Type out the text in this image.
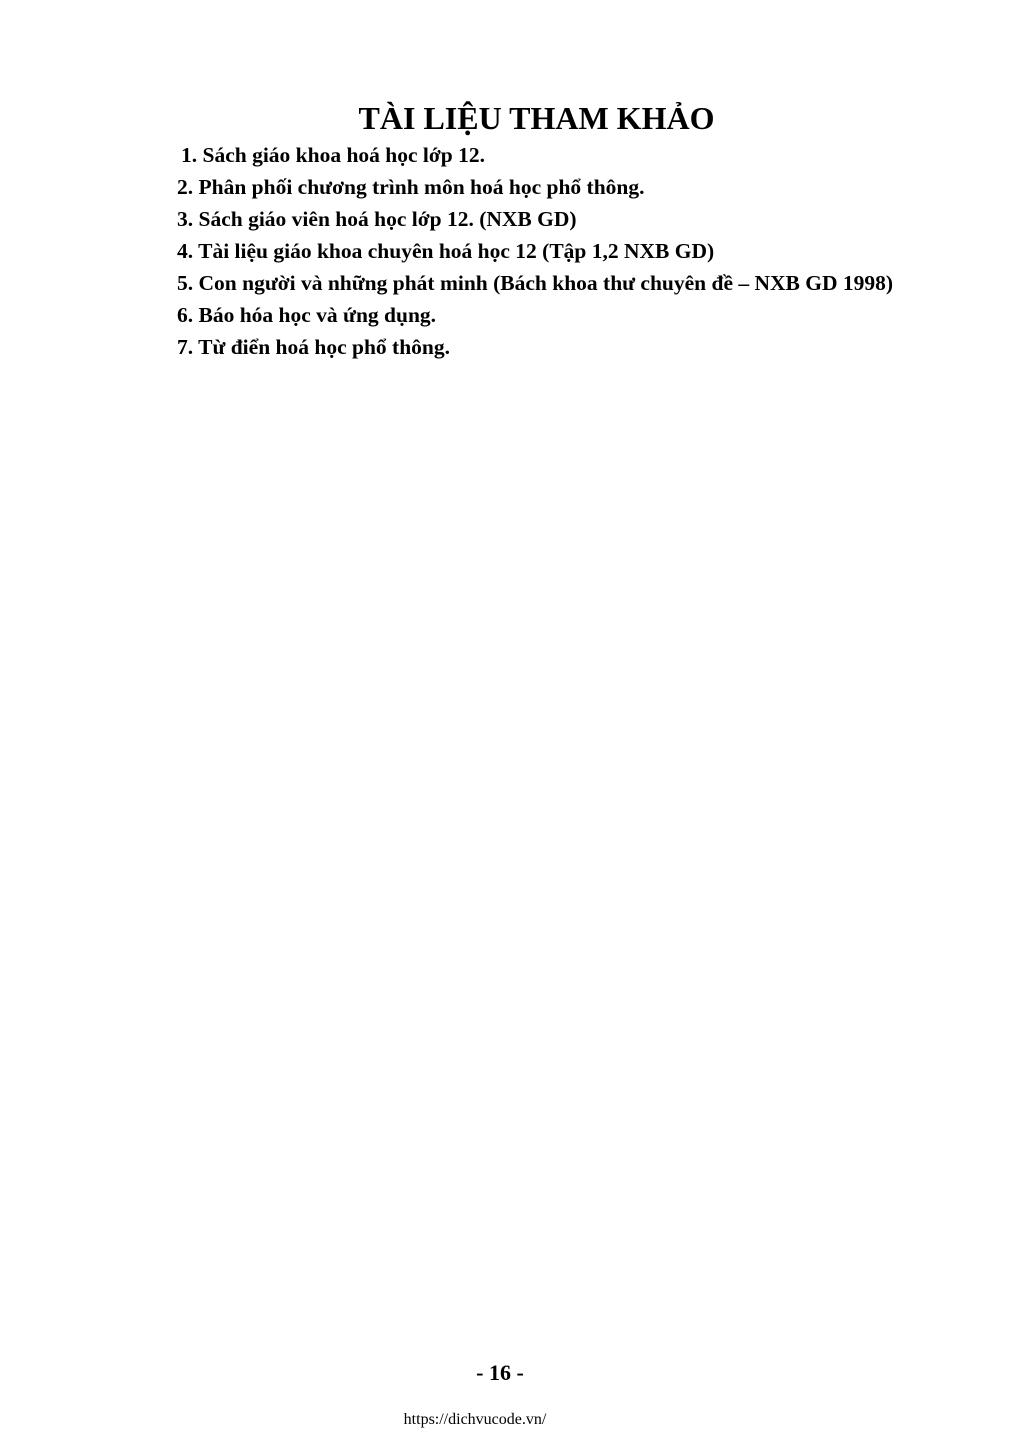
TÀI LIỆU THAM KHẢO
1. Sách giáo khoa hoá học lớp 12.
2. Phân phối chương trình môn hoá học phổ thông.
3. Sách giáo viên hoá học lớp 12. (NXB GD)
4. Tài liệu giáo khoa chuyên hoá học 12 (Tập 1,2 NXB GD)
5. Con người và những phát minh (Bách khoa thư chuyên đề – NXB GD 1998)
6. Báo hóa học và ứng dụng.
7. Từ điển hoá học phổ thông.
- 16 -
https://dichvucode.vn/
